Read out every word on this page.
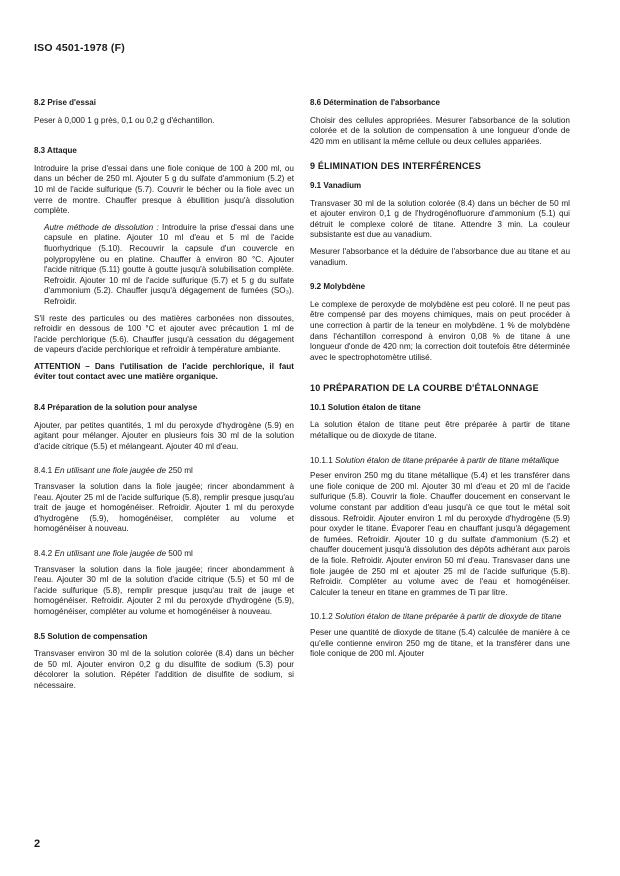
ISO 4501-1978 (F)
8.2 Prise d'essai

Peser à 0,000 1 g près, 0,1 ou 0,2 g d'échantillon.

8.3 Attaque

Introduire la prise d'essai dans une fiole conique de 100 à 200 ml, ou dans un bécher de 250 ml. Ajouter 5 g du sulfate d'ammonium (5.2) et 10 ml de l'acide sulfurique (5.7). Couvrir le bécher ou la fiole avec un verre de montre. Chauffer presque à ébullition jusqu'à dissolution complète.

Autre méthode de dissolution : Introduire la prise d'essai dans une capsule en platine. Ajouter 10 ml d'eau et 5 ml de l'acide fluorhydrique (5.10). Recouvrir la capsule d'un couvercle en polypropylène ou en platine. Chauffer à environ 80 °C. Ajouter l'acide nitrique (5.11) goutte à goutte jusqu'à solubilisation complète. Refroidir. Ajouter 10 ml de l'acide sulfurique (5.7) et 5 g du sulfate d'ammonium (5.2). Chauffer jusqu'à dégagement de fumées (SO₃). Refroidir.

S'il reste des particules ou des matières carbonées non dissoutes, refroidir en dessous de 100 °C et ajouter avec précaution 1 ml de l'acide perchlorique (5.6). Chauffer jusqu'à cessation du dégagement de vapeurs d'acide perchlorique et refroidir à température ambiante.

ATTENTION – Dans l'utilisation de l'acide perchlorique, il faut éviter tout contact avec une matière organique.

8.4 Préparation de la solution pour analyse

Ajouter, par petites quantités, 1 ml du peroxyde d'hydrogène (5.9) en agitant pour mélanger. Ajouter en plusieurs fois 30 ml de la solution d'acide citrique (5.5) et mélangeant. Ajouter 40 ml d'eau.

8.4.1 En utilisant une fiole jaugée de 250 ml

Transvaser la solution dans la fiole jaugée; rincer abondamment à l'eau. Ajouter 25 ml de l'acide sulfurique (5.8), remplir presque jusqu'au trait de jauge et homogénéiser. Refroidir. Ajouter 1 ml du peroxyde d'hydrogène (5.9), homogénéiser, compléter au volume et homogénéiser à nouveau.

8.4.2 En utilisant une fiole jaugée de 500 ml

Transvaser la solution dans la fiole jaugée; rincer abondamment à l'eau. Ajouter 30 ml de la solution d'acide citrique (5.5) et 50 ml de l'acide sulfurique (5.8), remplir presque jusqu'au trait de jauge et homogénéiser. Refroidir. Ajouter 2 ml du peroxyde d'hydrogène (5.9), homogénéiser, compléter au volume et homogénéiser à nouveau.

8.5 Solution de compensation

Transvaser environ 30 ml de la solution colorée (8.4) dans un bécher de 50 ml. Ajouter environ 0,2 g du disulfite de sodium (5.3) pour décolorer la solution. Répéter l'addition de disulfite de sodium, si nécessaire.

8.6 Détermination de l'absorbance

Choisir des cellules appropriées. Mesurer l'absorbance de la solution colorée et de la solution de compensation à une longueur d'onde de 420 mm en utilisant la même cellule ou deux cellules appariées.

9 ÉLIMINATION DES INTERFÉRENCES
9.1 Vanadium

Transvaser 30 ml de la solution colorée (8.4) dans un bécher de 50 ml et ajouter environ 0,1 g de l'hydrogénofluorure d'ammonium (5.1) qui détruit le complexe coloré de titane. Attendre 3 min. La couleur subsistante est due au vanadium.

Mesurer l'absorbance et la déduire de l'absorbance due au titane et au vanadium.

9.2 Molybdène

Le complexe de peroxyde de molybdène est peu coloré. Il ne peut pas être compensé par des moyens chimiques, mais on peut procéder à une correction à partir de la teneur en molybdène. 1 % de molybdène dans l'échantillon correspond à environ 0,08 % de titane à une longueur d'onde de 420 nm; la correction doit toutefois être déterminée avec le spectrophotomètre utilisé.

10 PRÉPARATION DE LA COURBE D'ÉTALONNAGE
10.1 Solution étalon de titane

La solution étalon de titane peut être préparée à partir de titane métallique ou de dioxyde de titane.

10.1.1 Solution étalon de titane préparée à partir de titane métallique

Peser environ 250 mg du titane métallique (5.4) et les transférer dans une fiole conique de 200 ml. Ajouter 30 ml d'eau et 20 ml de l'acide sulfurique (5.8). Couvrir la fiole. Chauffer doucement en conservant le volume constant par addition d'eau jusqu'à ce que tout le métal soit dissous. Refroidir. Ajouter environ 1 ml du peroxyde d'hydrogène (5.9) pour oxyder le titane. Évaporer l'eau en chauffant jusqu'à dégagement de fumées. Refroidir. Ajouter 10 g du sulfate d'ammonium (5.2) et chauffer doucement jusqu'à dissolution des dépôts adhérant aux parois de la fiole. Refroidir. Ajouter environ 50 ml d'eau. Transvaser dans une fiole jaugée de 250 ml et ajouter 25 ml de l'acide sulfurique (5.8). Refroidir. Compléter au volume avec de l'eau et homogénéiser. Calculer la teneur en titane en grammes de Ti par litre.

10.1.2 Solution étalon de titane préparée à partir de dioxyde de titane

Peser une quantité de dioxyde de titane (5.4) calculée de manière à ce qu'elle contienne environ 250 mg de titane, et la transférer dans une fiole conique de 200 ml. Ajouter

2
